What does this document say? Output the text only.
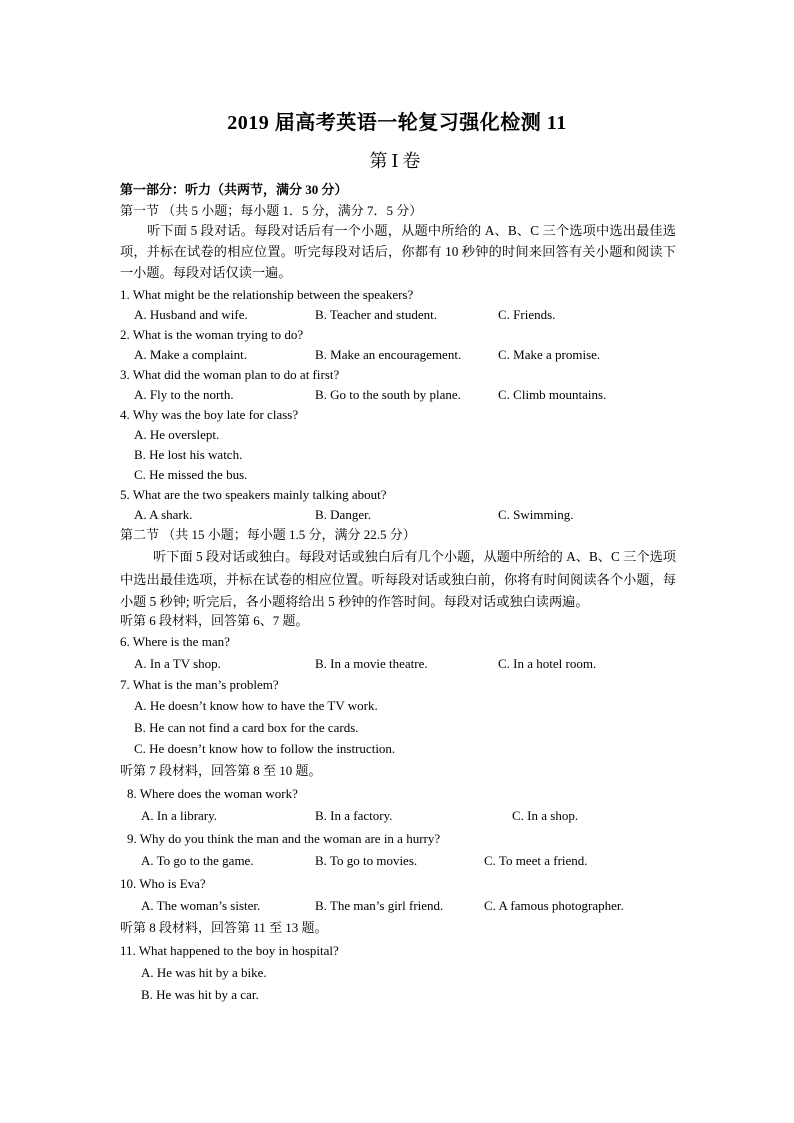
2019 届高考英语一轮复习强化检测 11
第Ⅰ卷
第一部分：听力（共两节，满分 30 分）
第一节 （共 5 小题；每小题 1．5 分，满分 7．5 分）
听下面 5 段对话。每段对话后有一个小题，从题中所给的 A、B、C 三个选项中选出最佳选项，并标在试卷的相应位置。听完每段对话后，你都有 10 秒钟的时间来回答有关小题和阅读下一小题。每段对话仅读一遍。
1. What might be the relationship between the speakers?
A. Husband and wife.	B. Teacher and student.	C. Friends.
2. What is the woman trying to do?
A. Make a complaint.	B. Make an encouragement.	C. Make a promise.
3. What did the woman plan to do at first?
A. Fly to the north.	B. Go to the south by plane.	C. Climb mountains.
4. Why was the boy late for class?
A. He overslept.
B. He lost his watch.
C. He missed the bus.
5. What are the two speakers mainly talking about?
A. A shark.	B. Danger.	C. Swimming.
第二节 （共 15 小题；每小题 1.5 分，满分 22.5 分）
听下面 5 段对话或独白。每段对话或独白后有几个小题，从题中所给的 A、B、C 三个选项中选出最佳选项，并标在试卷的相应位置。听每段对话或独白前，你将有时间阅读各个小题，每小题 5 秒钟; 听完后，各小题将给出 5 秒钟的作答时间。每段对话或独白读两遍。
听第 6 段材料，回答第 6、7 题。
6. Where is the man?
A. In a TV shop.	B. In a movie theatre.	C. In a hotel room.
7. What is the man’s problem?
A. He doesn’t know how to have the TV work.
B. He can not find a card box for the cards.
C. He doesn’t know how to follow the instruction.
听第 7 段材料，回答第 8 至 10 题。
8. Where does the woman work?
A. In a library.	B. In a factory.	C. In a shop.
9. Why do you think the man and the woman are in a hurry?
A. To go to the game.	B. To go to movies.	C. To meet a friend.
10. Who is Eva?
A. The woman’s sister.	B. The man’s girl friend.	C. A famous photographer.
听第 8 段材料，回答第 11 至 13 题。
11. What happened to the boy in hospital?
A. He was hit by a bike.
B. He was hit by a car.
